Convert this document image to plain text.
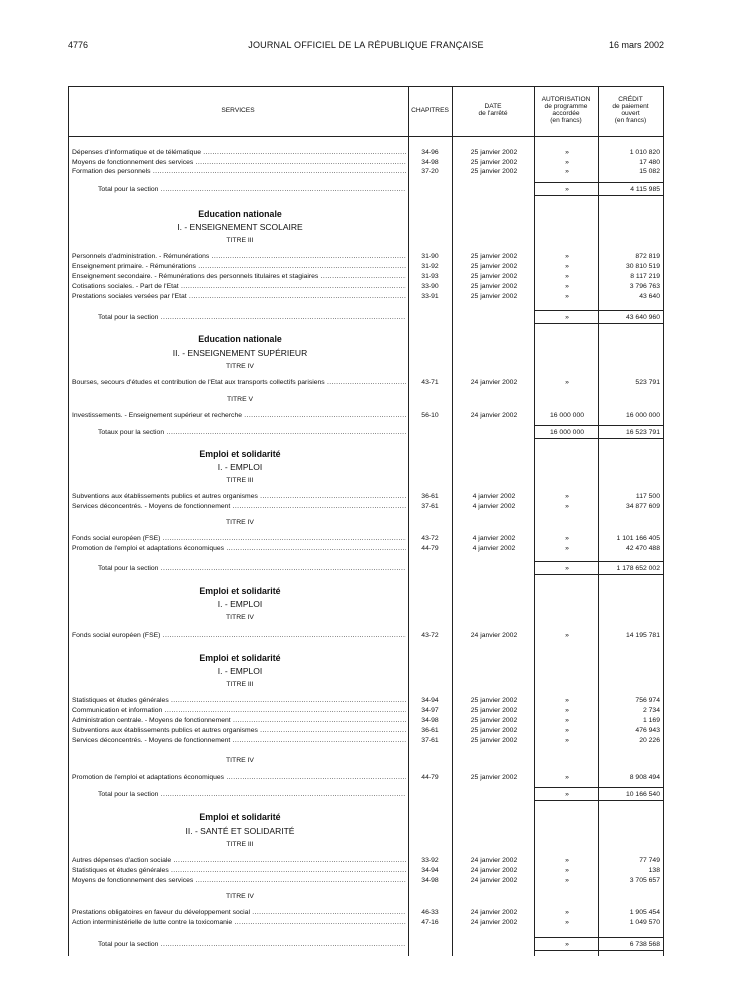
4776	JOURNAL OFFICIEL DE LA RÉPUBLIQUE FRANÇAISE	16 mars 2002
SERVICES	CHAPITRES
DATE
de l'arrêté
AUTORISATION
de programme
accordée
(en francs)
CRÉDIT
de paiement
ouvert
(en francs)
Dépenses d'informatique et de télématique .....	34-96	25 janvier 2002	»	1 010 820
Moyens de fonctionnement des services .....	34-98	25 janvier 2002	»	17 480
Formation des personnels .....	37-20	25 janvier 2002	»	15 082
Total pour la section .....	»	4 115 985
Education nationale
I. - ENSEIGNEMENT SCOLAIRE
TITRE III
Personnels d'administration. - Rémunérations .....	31-90	25 janvier 2002	»	872 819
Enseignement primaire. - Rémunérations .....	31-92	25 janvier 2002	»	30 810 519
Enseignement secondaire. - Rémunérations des personnels titulaires et stagiaires .....	31-93	25 janvier 2002	»	8 117 219
Cotisations sociales. - Part de l'Etat .....	33-90	25 janvier 2002	»	3 796 763
Prestations sociales versées par l'Etat .....	33-91	25 janvier 2002	»	43 640
Total pour la section .....	»	43 640 960
Education nationale
II. - ENSEIGNEMENT SUPÉRIEUR
TITRE IV
Bourses, secours d'études et contribution de l'Etat aux transports collectifs parisiens .....	43-71	24 janvier 2002	»	523 791
TITRE V
Investissements. - Enseignement supérieur et recherche .....	56-10	24 janvier 2002	16 000 000	16 000 000
Totaux pour la section .....	16 000 000	16 523 791
Emploi et solidarité
I. - EMPLOI
TITRE III
Subventions aux établissements publics et autres organismes .....	36-61	4 janvier 2002	»	117 500
Services déconcentrés. - Moyens de fonctionnement .....	37-61	4 janvier 2002	»	34 877 609
TITRE IV
Fonds social européen (FSE) .....	43-72	4 janvier 2002	»	1 101 166 405
Promotion de l'emploi et adaptations économiques .....	44-79	4 janvier 2002	»	42 470 488
Total pour la section .....	»	1 178 652 002
Emploi et solidarité
I. - EMPLOI
TITRE IV
Fonds social européen (FSE) .....	43-72	24 janvier 2002	»	14 195 781
Emploi et solidarité
I. - EMPLOI
TITRE III
Statistiques et études générales .....	34-94	25 janvier 2002	»	756 974
Communication et information .....	34-97	25 janvier 2002	»	2 734
Administration centrale. - Moyens de fonctionnement .....	34-98	25 janvier 2002	»	1 169
Subventions aux établissements publics et autres organismes .....	36-61	25 janvier 2002	»	476 943
Services déconcentrés. - Moyens de fonctionnement .....	37-61	25 janvier 2002	»	20 226
TITRE IV
Promotion de l'emploi et adaptations économiques .....	44-79	25 janvier 2002	»	8 908 494
Total pour la section .....	»	10 166 540
Emploi et solidarité
II. - SANTÉ ET SOLIDARITÉ
TITRE III
Autres dépenses d'action sociale .....	33-92	24 janvier 2002	»	77 749
Statistiques et études générales .....	34-94	24 janvier 2002	»	138
Moyens de fonctionnement des services .....	34-98	24 janvier 2002	»	3 705 657
TITRE IV
Prestations obligatoires en faveur du développement social .....	46-33	24 janvier 2002	»	1 905 454
Action interministérielle de lutte contre la toxicomanie .....	47-16	24 janvier 2002	»	1 049 570
Total pour la section .....	»	6 738 568
